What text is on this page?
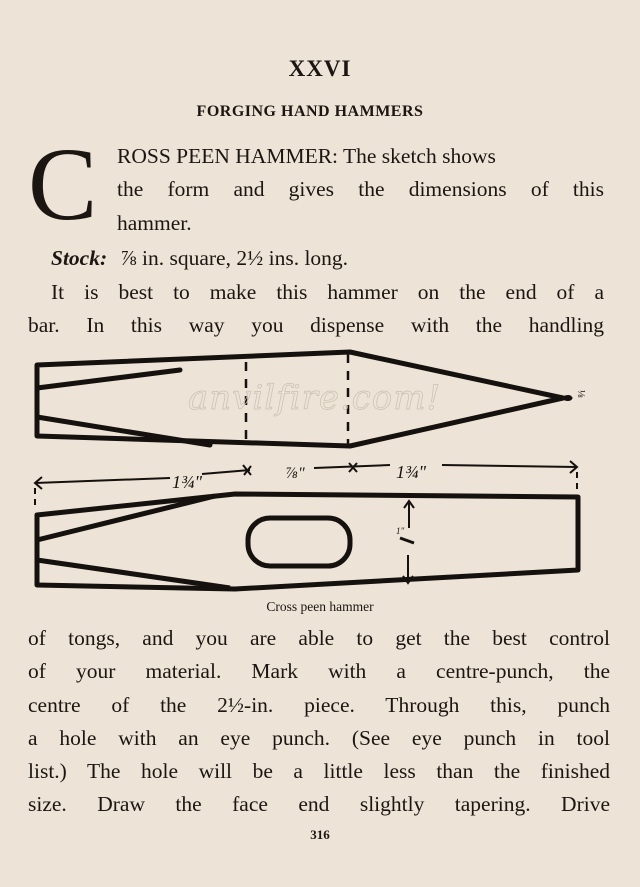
XXVI
FORGING HAND HAMMERS
C ROSS PEEN HAMMER: The sketch shows
the form and gives the dimensions of this
hammer.
Stock: ⅞ in. square, 2½ ins. long.
It is best to make this hammer on the end of a
bar. In this way you dispense with the handling
⅛
1¾"	⅞"	1¾"
1"
anvilfire.com!
Cross peen hammer
of tongs, and you are able to get the best control
of your material. Mark with a centre-punch, the
centre of the 2½-in. piece. Through this, punch
a hole with an eye punch. (See eye punch in tool
list.) The hole will be a little less than the finished
size. Draw the face end slightly tapering. Drive
316
